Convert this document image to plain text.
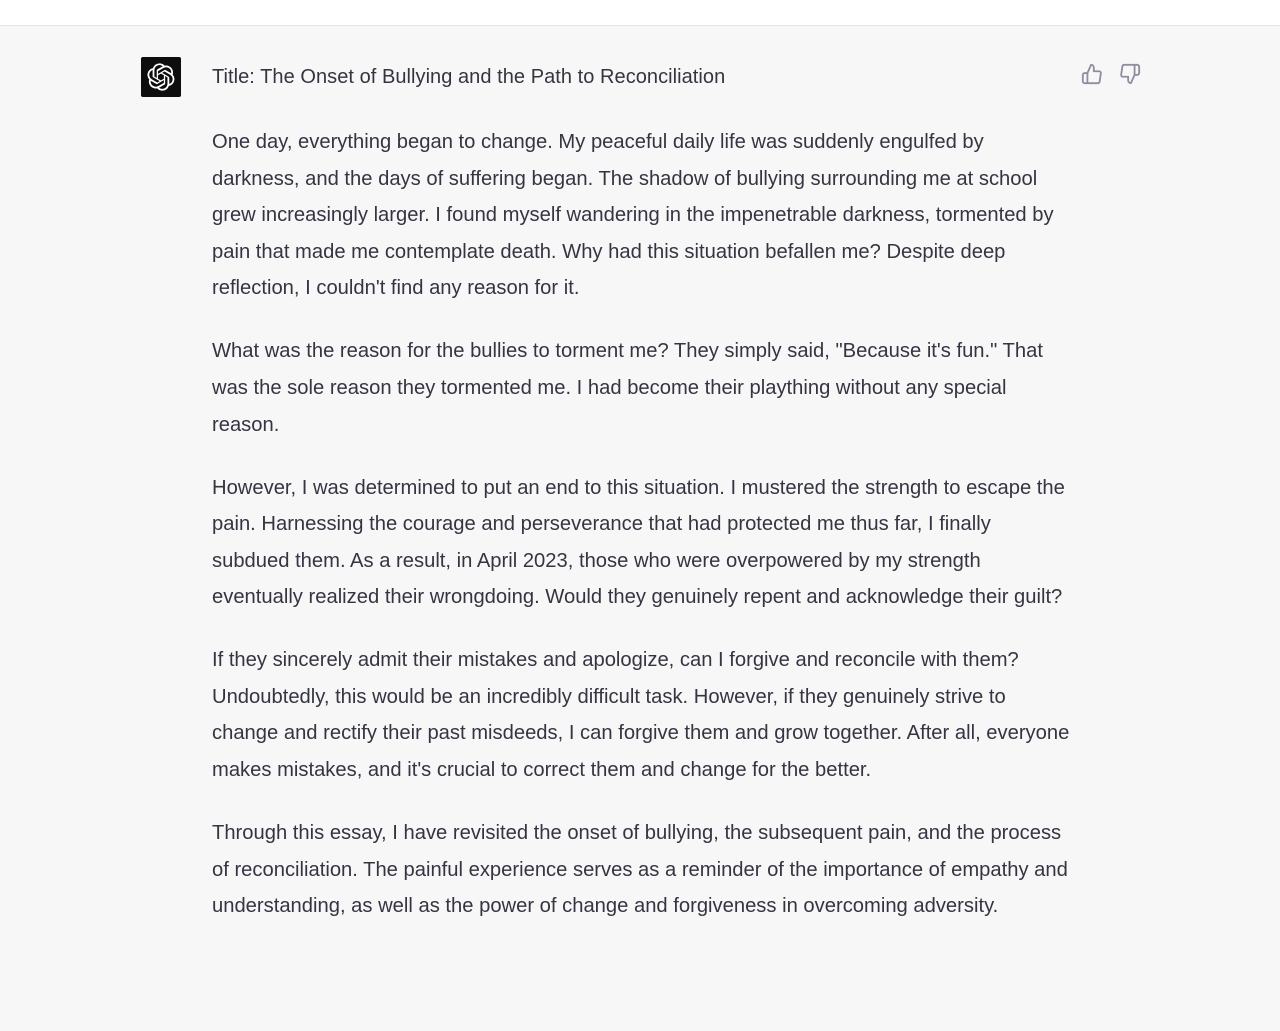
Title: The Onset of Bullying and the Path to Reconciliation

One day, everything began to change. My peaceful daily life was suddenly engulfed by darkness, and the days of suffering began. The shadow of bullying surrounding me at school grew increasingly larger. I found myself wandering in the impenetrable darkness, tormented by pain that made me contemplate death. Why had this situation befallen me? Despite deep reflection, I couldn't find any reason for it.

What was the reason for the bullies to torment me? They simply said, "Because it's fun." That was the sole reason they tormented me. I had become their plaything without any special reason.

However, I was determined to put an end to this situation. I mustered the strength to escape the pain. Harnessing the courage and perseverance that had protected me thus far, I finally subdued them. As a result, in April 2023, those who were overpowered by my strength eventually realized their wrongdoing. Would they genuinely repent and acknowledge their guilt?

If they sincerely admit their mistakes and apologize, can I forgive and reconcile with them? Undoubtedly, this would be an incredibly difficult task. However, if they genuinely strive to change and rectify their past misdeeds, I can forgive them and grow together. After all, everyone makes mistakes, and it's crucial to correct them and change for the better.

Through this essay, I have revisited the onset of bullying, the subsequent pain, and the process of reconciliation. The painful experience serves as a reminder of the importance of empathy and understanding, as well as the power of change and forgiveness in overcoming adversity.
